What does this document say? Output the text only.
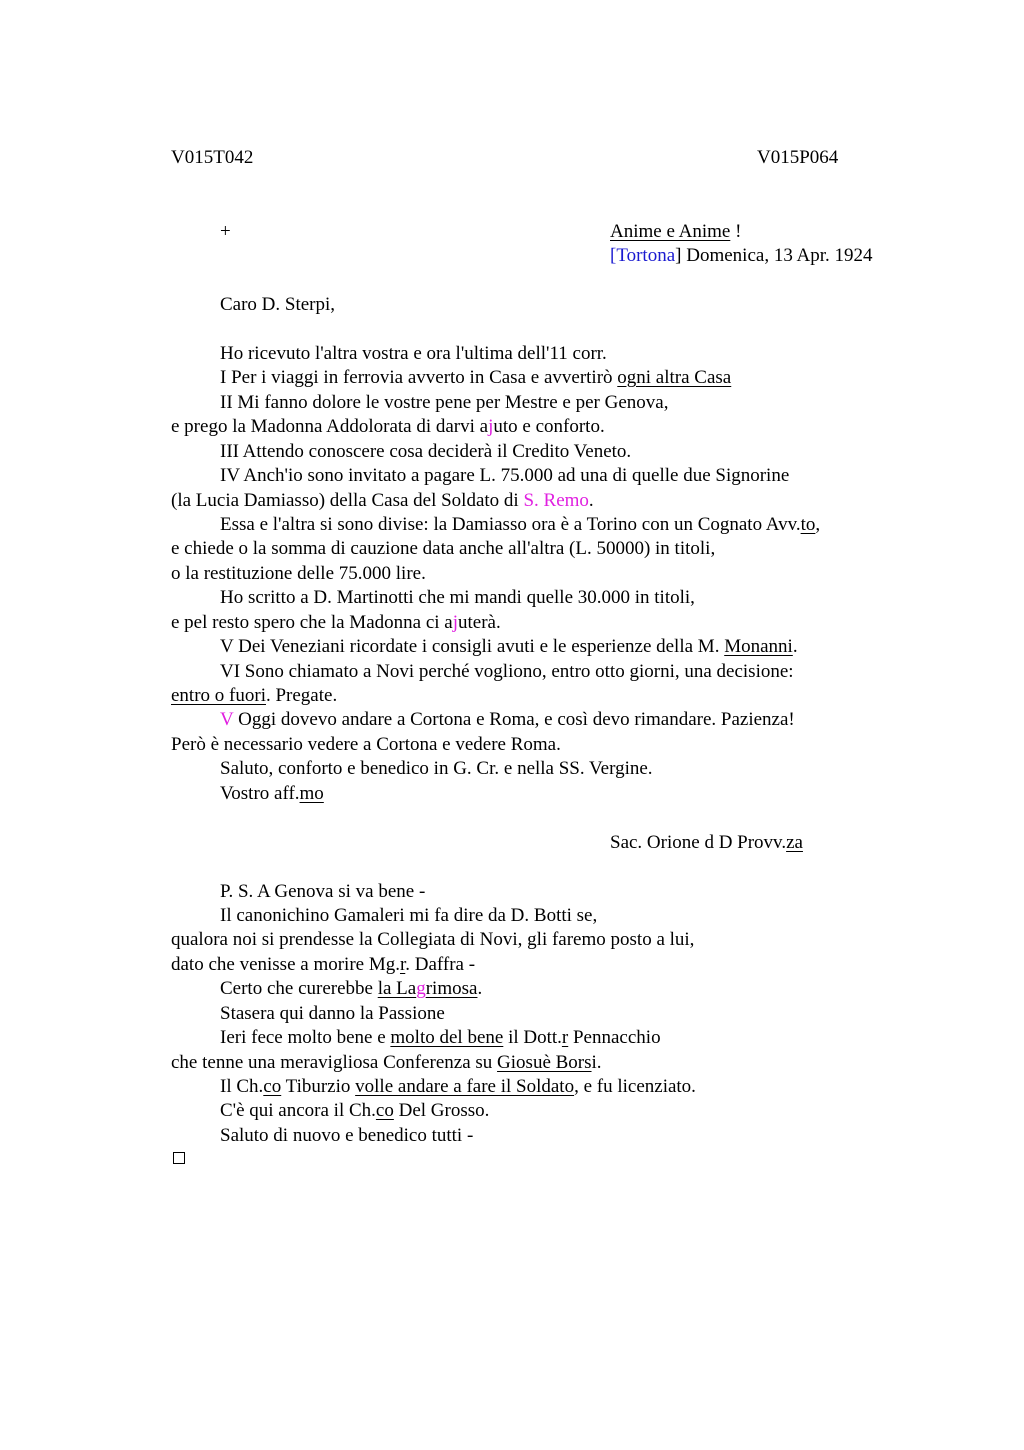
V015T042	V015P064
+	Anime e Anime !
[Tortona] Domenica, 13 Apr. 1924
Caro D. Sterpi,
Ho ricevuto l'altra vostra e ora l'ultima dell'11 corr.
I Per i viaggi in ferrovia avverto in Casa e avvertirò ogni altra Casa
II Mi fanno dolore le vostre pene per Mestre e per Genova,
e prego la Madonna Addolorata di darvi ajuto e conforto.
III Attendo conoscere cosa deciderà il Credito Veneto.
IV Anch'io sono invitato a pagare L. 75.000 ad una di quelle due Signorine
(la Lucia Damiasso) della Casa del Soldato di S. Remo.
Essa e l'altra si sono divise: la Damiasso ora è a Torino con un Cognato Avv.to,
e chiede o la somma di cauzione data anche all'altra (L. 50000) in titoli,
o la restituzione delle 75.000 lire.
Ho scritto a D. Martinotti che mi mandi quelle 30.000 in titoli,
e pel resto spero che la Madonna ci ajuterà.
V Dei Veneziani ricordate i consigli avuti e le esperienze della M. Monanni.
VI Sono chiamato a Novi perché vogliono, entro otto giorni, una decisione:
entro o fuori. Pregate.
V Oggi dovevo andare a Cortona e Roma, e così devo rimandare. Pazienza!
Però è necessario vedere a Cortona e vedere Roma.
Saluto, conforto e benedico in G. Cr. e nella SS. Vergine.
Vostro aff.mo
Sac. Orione d D Provv.za
P. S. A Genova si va bene -
Il canonichino Gamaleri mi fa dire da D. Botti se,
qualora noi si prendesse la Collegiata di Novi, gli faremo posto a lui,
dato che venisse a morire Mg.r. Daffra -
Certo che curerebbe la Lagrimosa.
Stasera qui danno la Passione
Ieri fece molto bene e molto del bene il Dott.r Pennacchio
che tenne una meravigliosa Conferenza su Giosuè Borsi.
Il Ch.co Tiburzio volle andare a fare il Soldato, e fu licenziato.
C'è qui ancora il Ch.co Del Grosso.
Saluto di nuovo e benedico tutti -
